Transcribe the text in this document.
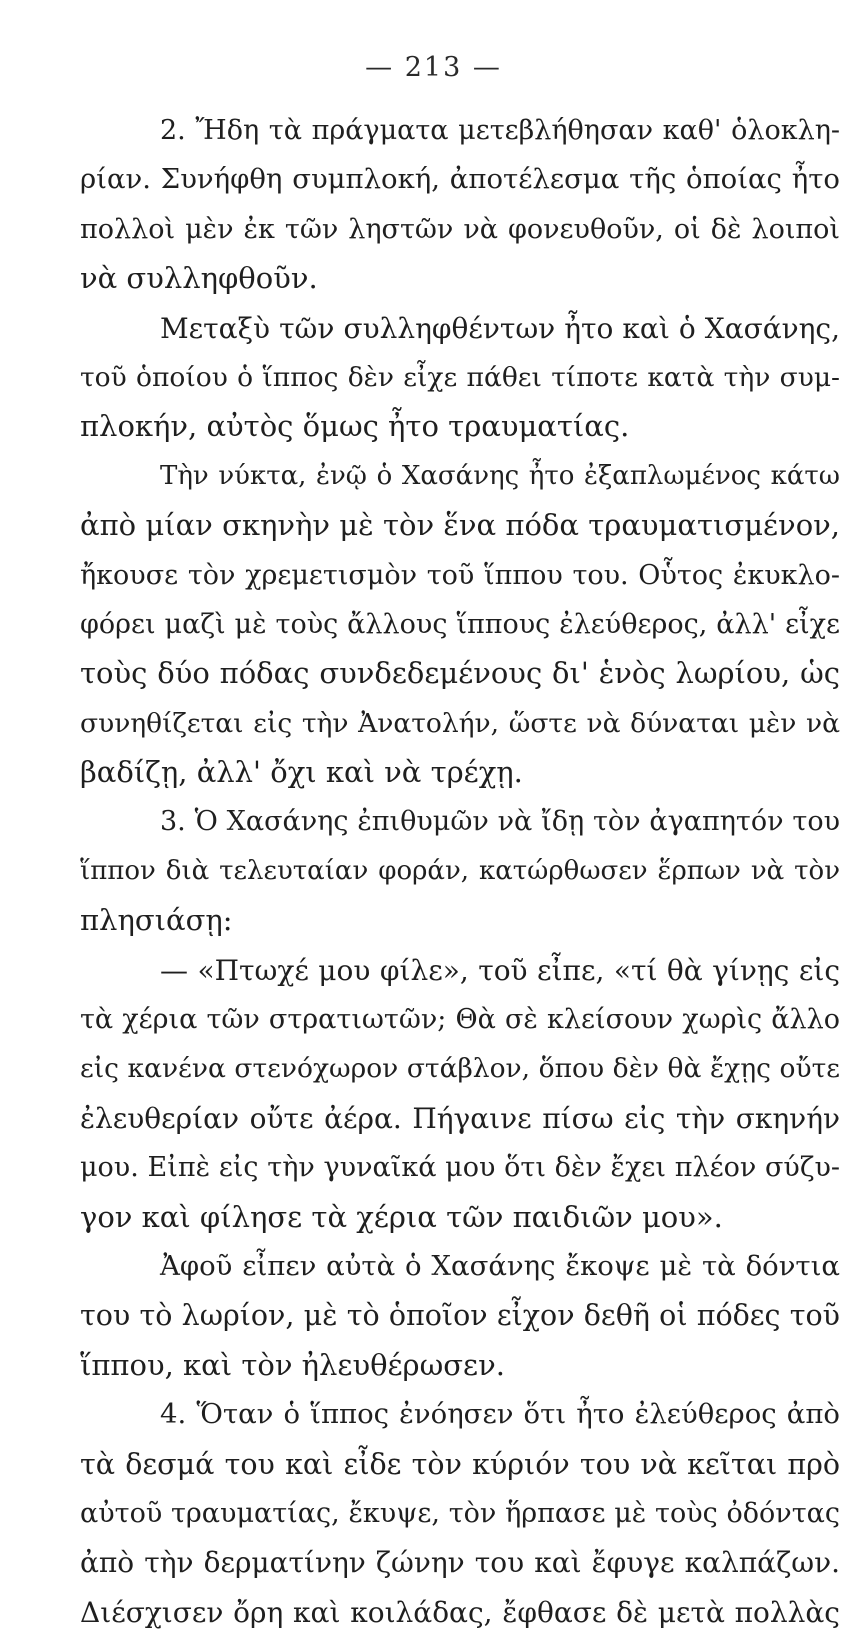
— 213 —
2. Ἤδη τὰ πράγματα μετεβλήθησαν καθ' ὁλοκλη-
ρίαν. Συνήφθη συμπλοκή, ἀποτέλεσμα τῆς ὁποίας ἦτο
πολλοὶ μὲν ἐκ τῶν ληστῶν νὰ φονευθοῦν, οἱ δὲ λοιποὶ
νὰ συλληφθοῦν.
Μεταξὺ τῶν συλληφθέντων ἦτο καὶ ὁ Χασάνης,
τοῦ ὁποίου ὁ ἵππος δὲν εἶχε πάθει τίποτε κατὰ τὴν συμ-
πλοκήν, αὐτὸς ὅμως ἦτο τραυματίας.
Τὴν νύκτα, ἐνῷ ὁ Χασάνης ἦτο ἐξαπλωμένος κάτω
ἀπὸ μίαν σκηνὴν μὲ τὸν ἕνα πόδα τραυματισμένον,
ἤκουσε τὸν χρεμετισμὸν τοῦ ἵππου του. Οὗτος ἐκυκλο-
φόρει μαζὶ μὲ τοὺς ἄλλους ἵππους ἐλεύθερος, ἀλλ' εἶχε
τοὺς δύο πόδας συνδεδεμένους δι' ἑνὸς λωρίου, ὡς
συνηθίζεται εἰς τὴν Ἀνατολήν, ὥστε νὰ δύναται μὲν νὰ
βαδίζῃ, ἀλλ' ὄχι καὶ νὰ τρέχῃ.
3. Ὁ Χασάνης ἐπιθυμῶν νὰ ἴδῃ τὸν ἀγαπητόν του
ἵππον διὰ τελευταίαν φοράν, κατώρθωσεν ἕρπων νὰ τὸν
πλησιάσῃ:
— «Πτωχέ μου φίλε», τοῦ εἶπε, «τί θὰ γίνῃς εἰς
τὰ χέρια τῶν στρατιωτῶν; Θὰ σὲ κλείσουν χωρὶς ἄλλο
εἰς κανένα στενόχωρον στάβλον, ὅπου δὲν θὰ ἔχῃς οὔτε
ἐλευθερίαν οὔτε ἀέρα. Πήγαινε πίσω εἰς τὴν σκηνήν
μου. Εἰπὲ εἰς τὴν γυναῖκά μου ὅτι δὲν ἔχει πλέον σύζυ-
γον καὶ φίλησε τὰ χέρια τῶν παιδιῶν μου».
Ἀφοῦ εἶπεν αὐτὰ ὁ Χασάνης ἔκοψε μὲ τὰ δόντια
του τὸ λωρίον, μὲ τὸ ὁποῖον εἶχον δεθῆ οἱ πόδες τοῦ
ἵππου, καὶ τὸν ἠλευθέρωσεν.
4. Ὅταν ὁ ἵππος ἐνόησεν ὅτι ἦτο ἐλεύθερος ἀπὸ
τὰ δεσμά του καὶ εἶδε τὸν κύριόν του νὰ κεῖται πρὸ
αὐτοῦ τραυματίας, ἔκυψε, τὸν ἥρπασε μὲ τοὺς ὀδόντας
ἀπὸ τὴν δερματίνην ζώνην του καὶ ἔφυγε καλπάζων.
Διέσχισεν ὄρη καὶ κοιλάδας, ἔφθασε δὲ μετὰ πολλὰς
